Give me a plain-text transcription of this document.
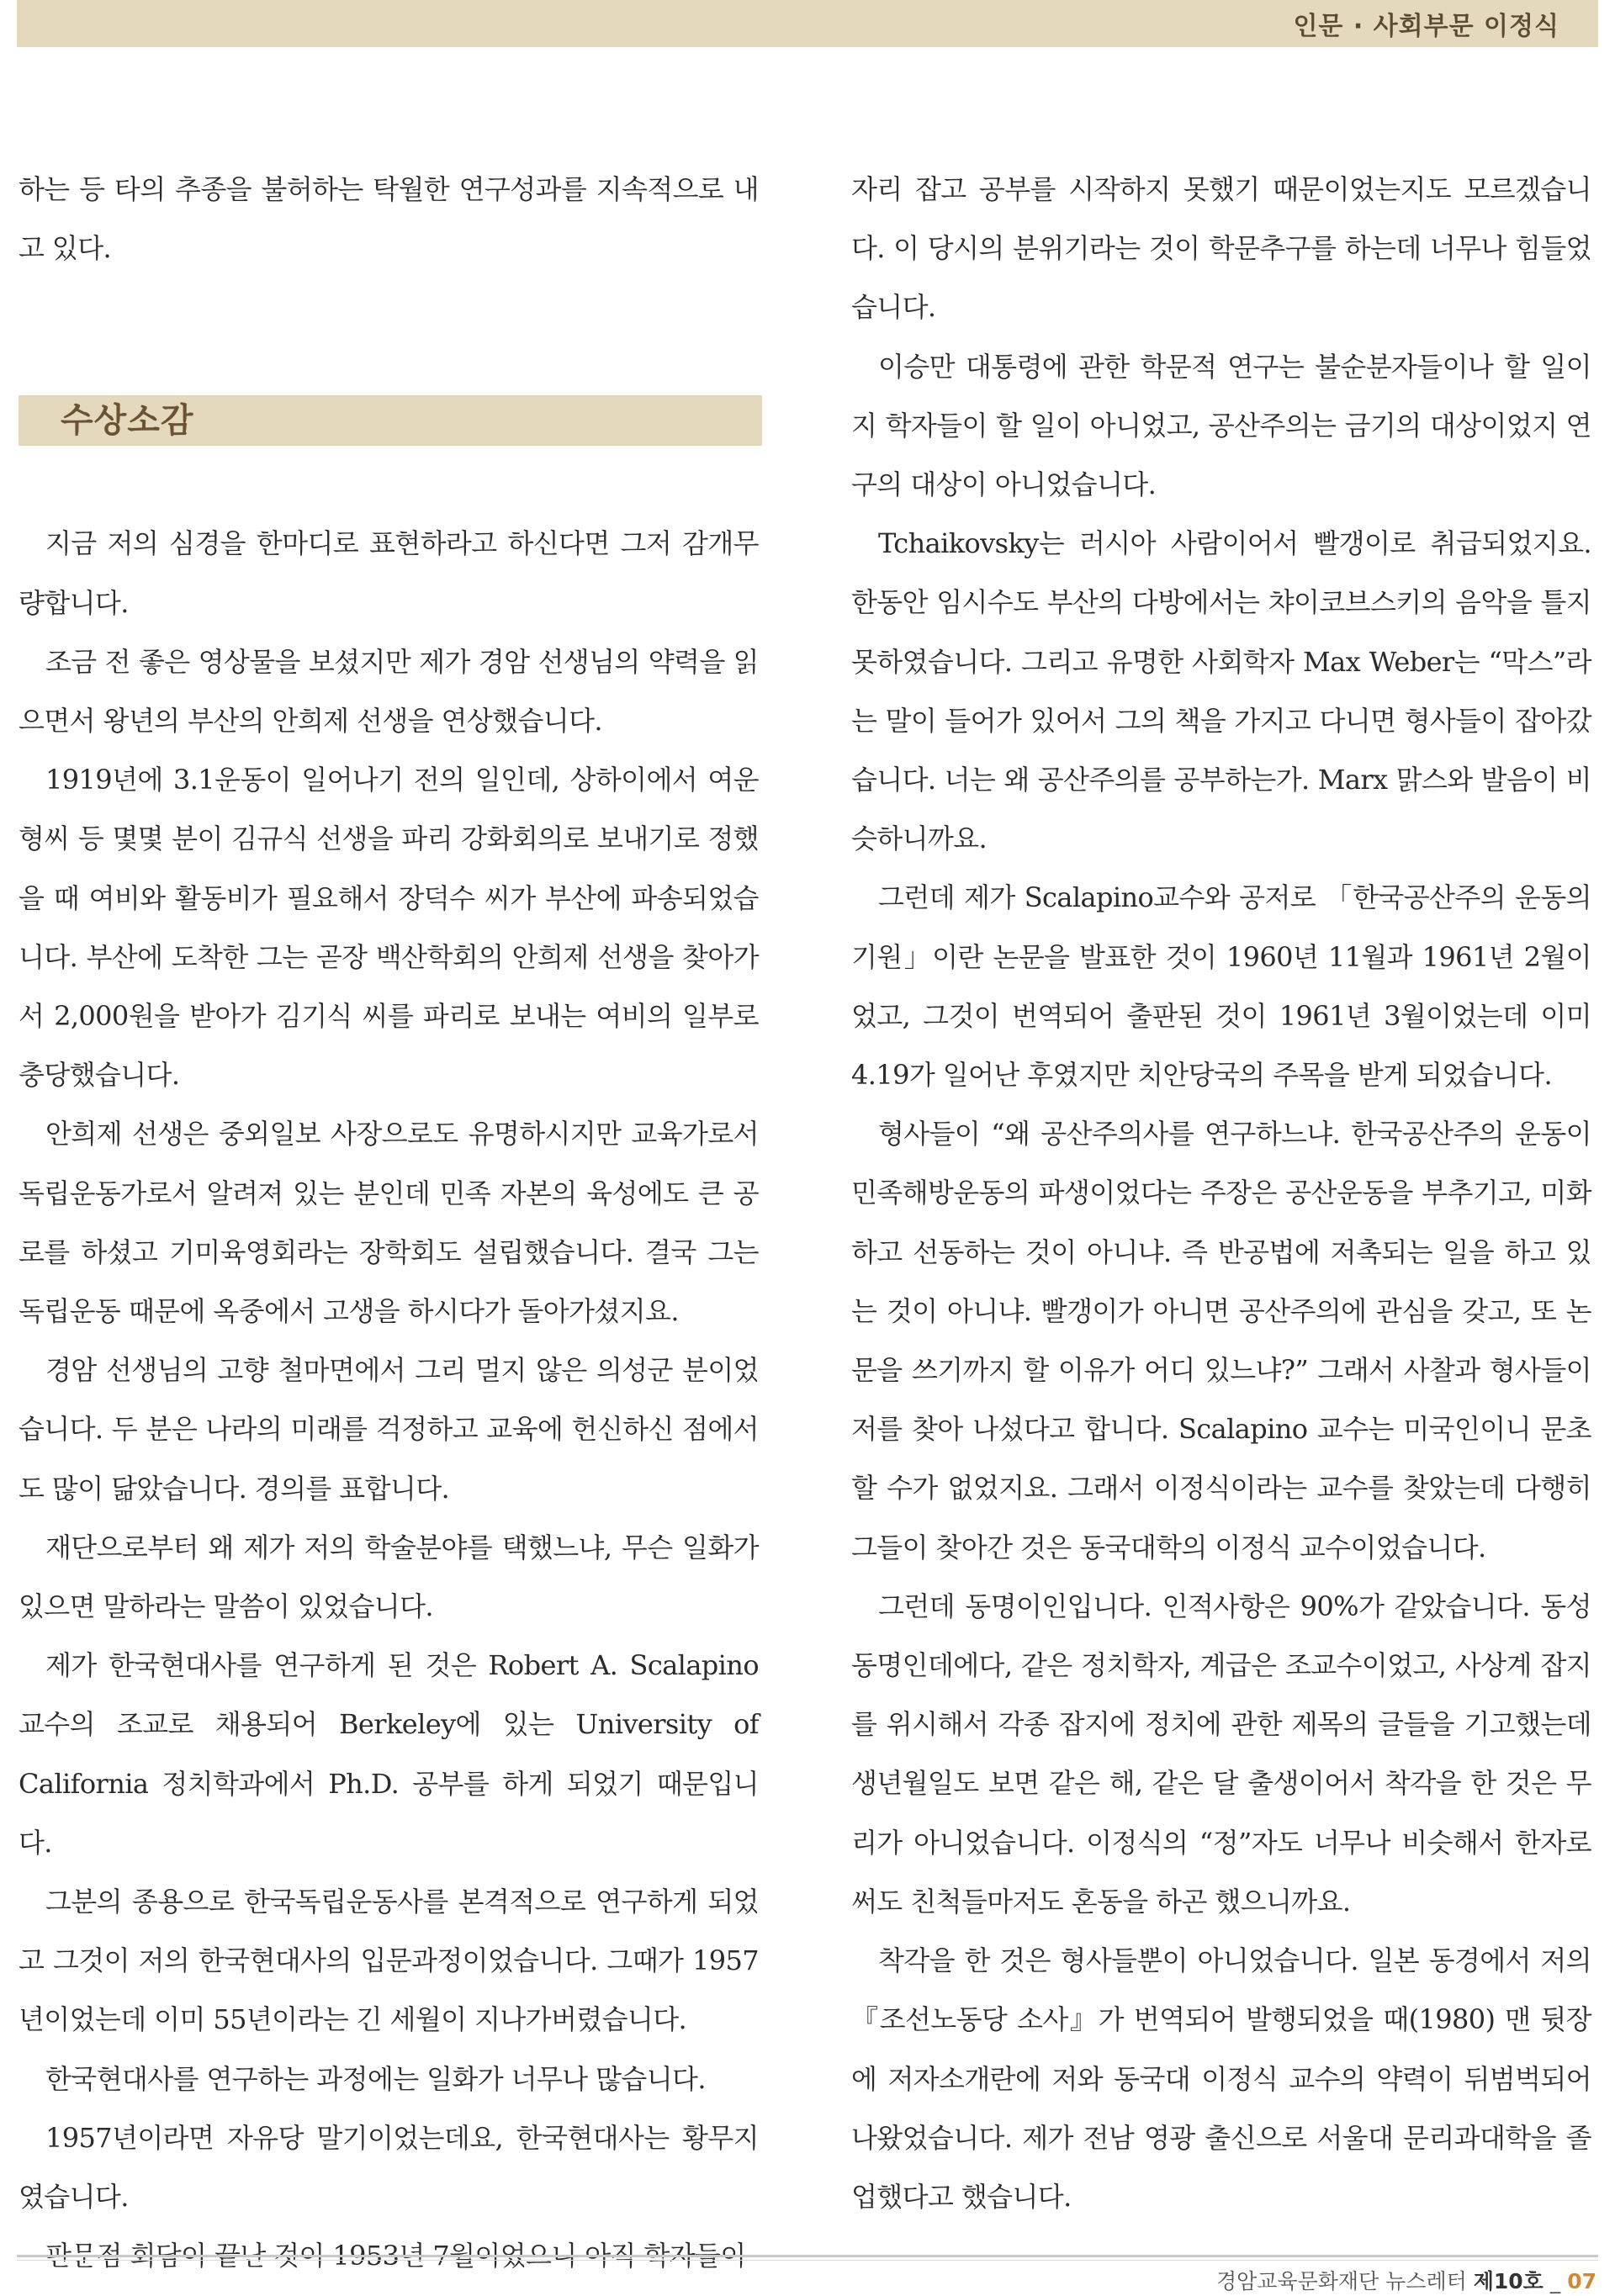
인문 · 사회부문 이정식

하는 등 타의 추종을 불허하는 탁월한 연구성과를 지속적으로 내고 있다.

수상소감

지금 저의 심경을 한마디로 표현하라고 하신다면 그저 감개무량합니다.

조금 전 좋은 영상물을 보셨지만 제가 경암 선생님의 약력을 읽으면서 왕년의 부산의 안희제 선생을 연상했습니다.

1919년에 3.1운동이 일어나기 전의 일인데, 상하이에서 여운형씨 등 몇몇 분이 김규식 선생을 파리 강화회의로 보내기로 정했을 때 여비와 활동비가 필요해서 장덕수 씨가 부산에 파송되었습니다. 부산에 도착한 그는 곧장 백산학회의 안희제 선생을 찾아가서 2,000원을 받아가 김기식 씨를 파리로 보내는 여비의 일부로 충당했습니다.

안희제 선생은 중외일보 사장으로도 유명하시지만 교육가로서 독립운동가로서 알려져 있는 분인데 민족 자본의 육성에도 큰 공로를 하셨고 기미육영회라는 장학회도 설립했습니다. 결국 그는 독립운동 때문에 옥중에서 고생을 하시다가 돌아가셨지요.

경암 선생님의 고향 철마면에서 그리 멀지 않은 의성군 분이었습니다. 두 분은 나라의 미래를 걱정하고 교육에 헌신하신 점에서도 많이 닮았습니다. 경의를 표합니다.

재단으로부터 왜 제가 저의 학술분야를 택했느냐, 무슨 일화가 있으면 말하라는 말씀이 있었습니다.

제가 한국현대사를 연구하게 된 것은 Robert A. Scalapino 교수의 조교로 채용되어 Berkeley에 있는 University of California 정치학과에서 Ph.D. 공부를 하게 되었기 때문입니다.

그분의 종용으로 한국독립운동사를 본격적으로 연구하게 되었고 그것이 저의 한국현대사의 입문과정이었습니다. 그때가 1957년이었는데 이미 55년이라는 긴 세월이 지나가버렸습니다.

한국현대사를 연구하는 과정에는 일화가 너무나 많습니다.

1957년이라면 자유당 말기이었는데요, 한국현대사는 황무지였습니다.

자리 잡고 공부를 시작하지 못했기 때문이었는지도 모르겠습니다. 이 당시의 분위기라는 것이 학문추구를 하는데 너무나 힘들었습니다.

이승만 대통령에 관한 학문적 연구는 불순분자들이나 할 일이지 학자들이 할 일이 아니었고, 공산주의는 금기의 대상이었지 연구의 대상이 아니었습니다.

Tchaikovsky는 러시아 사람이어서 빨갱이로 취급되었지요. 한동안 임시수도 부산의 다방에서는 챠이코브스키의 음악을 틀지 못하였습니다. 그리고 유명한 사회학자 Max Weber는 “막스”라는 말이 들어가 있어서 그의 책을 가지고 다니면 형사들이 잡아갔습니다. 너는 왜 공산주의를 공부하는가. Marx 맑스와 발음이 비슷하니까요.

그런데 제가 Scalapino교수와 공저로 「한국공산주의 운동의 기원」이란 논문을 발표한 것이 1960년 11월과 1961년 2월이었고, 그것이 번역되어 출판된 것이 1961년 3월이었는데 이미 4.19가 일어난 후였지만 치안당국의 주목을 받게 되었습니다.

형사들이 “왜 공산주의사를 연구하느냐. 한국공산주의 운동이 민족해방운동의 파생이었다는 주장은 공산운동을 부추기고, 미화하고 선동하는 것이 아니냐. 즉 반공법에 저촉되는 일을 하고 있는 것이 아니냐. 빨갱이가 아니면 공산주의에 관심을 갖고, 또 논문을 쓰기까지 할 이유가 어디 있느냐?” 그래서 사찰과 형사들이 저를 찾아 나섰다고 합니다. Scalapino 교수는 미국인이니 문초할 수가 없었지요. 그래서 이정식이라는 교수를 찾았는데 다행히 그들이 찾아간 것은 동국대학의 이정식 교수이었습니다.

그런데 동명이인입니다. 인적사항은 90%가 같았습니다. 동성동명인데에다, 같은 정치학자, 계급은 조교수이었고, 사상계 잡지를 위시해서 각종 잡지에 정치에 관한 제목의 글들을 기고했는데 생년월일도 보면 같은 해, 같은 달 출생이어서 착각을 한 것은 무리가 아니었습니다. 이정식의 “정”자도 너무나 비슷해서 한자로 써도 친척들마저도 혼동을 하곤 했으니까요.

착각을 한 것은 형사들뿐이 아니었습니다. 일본 동경에서 저의 『조선노동당 소사』가 번역되어 발행되었을 때(1980) 맨 뒷장에 저자소개란에 저와 동국대 이정식 교수의 약력이 뒤범벅되어 나왔었습니다. 제가 전남 영광 출신으로 서울대 문리과대학을 졸업했다고 했습니다.

경암교육문화재단 뉴스레터 제10호 _ 07
